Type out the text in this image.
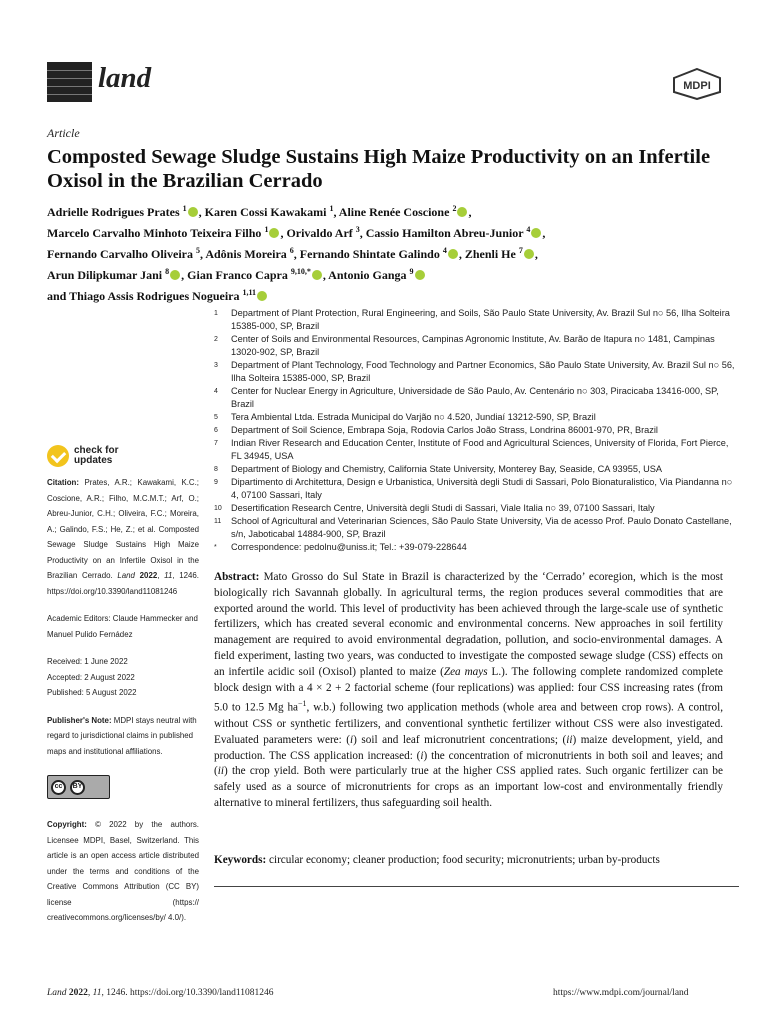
land	MDPI
Article
Composted Sewage Sludge Sustains High Maize Productivity on an Infertile Oxisol in the Brazilian Cerrado
Adrielle Rodrigues Prates $^1$ , Karen Cossi Kawakami $^1$, Aline Renée Coscione $^2$ ,
Marcelo Carvalho Minhoto Teixeira Filho $^1$ , Orivaldo Arf $^3$, Cassio Hamilton Abreu-Junior $^4$ ,
Fernando Carvalho Oliveira $^5$, Adônis Moreira $^6$, Fernando Shintate Galindo $^4$ , Zhenli He $^7$ ,
Arun Dilipkumar Jani $^8$ , Gian Franco Capra $^{9,10,*}$ , Antonio Ganga $^9$
and Thiago Assis Rodrigues Nogueira $^{1,11}$
1	Department of Plant Protection, Rural Engineering, and Soils, São Paulo State University, Av. Brazil Sul n○ 56, Ilha Solteira 15385-000, SP, Brazil
2	Center of Soils and Environmental Resources, Campinas Agronomic Institute, Av. Barão de Itapura n○ 1481, Campinas 13020-902, SP, Brazil
3	Department of Plant Technology, Food Technology and Partner Economics, São Paulo State University, Av. Brazil Sul n○ 56, Ilha Solteira 15385-000, SP, Brazil
4	Center for Nuclear Energy in Agriculture, Universidade de São Paulo, Av. Centenário n○ 303, Piracicaba 13416-000, SP, Brazil
5	Tera Ambiental Ltda. Estrada Municipal do Varjão n○ 4.520, Jundiaí 13212-590, SP, Brazil
6	Department of Soil Science, Embrapa Soja, Rodovia Carlos João Strass, Londrina 86001-970, PR, Brazil
7	Indian River Research and Education Center, Institute of Food and Agricultural Sciences, University of Florida, Fort Pierce, FL 34945, USA
8	Department of Biology and Chemistry, California State University, Monterey Bay, Seaside, CA 93955, USA
9	Dipartimento di Architettura, Design e Urbanistica, Università degli Studi di Sassari, Polo Bionaturalistico, Via Piandanna n○ 4, 07100 Sassari, Italy
10	Desertification Research Centre, Università degli Studi di Sassari, Viale Italia n○ 39, 07100 Sassari, Italy
11	School of Agricultural and Veterinarian Sciences, São Paulo State University, Via de acesso Prof. Paulo Donato Castellane, s/n, Jaboticabal 14884-900, SP, Brazil
*	Correspondence: pedolnu@uniss.it; Tel.: +39-079-228644
check for
updates
Citation: Prates, A.R.; Kawakami, K.C.; Coscione, A.R.; Filho, M.C.M.T.; Arf, O.; Abreu-Junior, C.H.; Oliveira, F.C.; Moreira, A.; Galindo, F.S.; He, Z.; et al. Composted Sewage Sludge Sustains High Maize Productivity on an Infertile Oxisol in the Brazilian Cerrado. Land 2022, 11, 1246. https://doi.org/10.3390/land11081246
Academic Editors: Claude Hammecker and Manuel Pulido Fernádez
Received: 1 June 2022
Accepted: 2 August 2022
Published: 5 August 2022
Publisher's Note: MDPI stays neutral with regard to jurisdictional claims in published maps and institutional affiliations.
cc	BY
Copyright: © 2022 by the authors. Licensee MDPI, Basel, Switzerland. This article is an open access article distributed under the terms and conditions of the Creative Commons Attribution (CC BY) license (https:// creativecommons.org/licenses/by/ 4.0/).
Abstract: Mato Grosso do Sul State in Brazil is characterized by the ‘Cerrado’ ecoregion, which is the most biologically rich Savannah globally. In agricultural terms, the region produces several commodities that are exported around the world. This level of productivity has been achieved through the large-scale use of synthetic fertilizers, which has created several economic and environmental concerns. New approaches in soil fertility management are required to avoid environmental degradation, pollution, and socio-environmental damages. A field experiment, lasting two years, was conducted to investigate the composted sewage sludge (CSS) effects on an infertile acidic soil (Oxisol) planted to maize (Zea mays L.). The following complete randomized complete block design with a 4 × 2 + 2 factorial scheme (four replications) was applied: four CSS increasing rates (from 5.0 to 12.5 Mg $ha^{-1}$, w.b.) following two application methods (whole area and between crop rows). A control, without CSS or synthetic fertilizers, and conventional synthetic fertilizer without CSS were also investigated. Evaluated parameters were: (i) soil and leaf micronutrient concentrations; (ii) maize development, yield, and production. The CSS application increased: (i) the concentration of micronutrients in both soil and leaves; and (ii) the crop yield. Both were particularly true at the higher CSS applied rates. Such organic fertilizer can be safely used as a source of micronutrients for crops as an important low-cost and environmentally friendly alternative to mineral fertilizers, thus safeguarding soil health.
Keywords: circular economy; cleaner production; food security; micronutrients; urban by-products
Land 2022, 11, 1246. https://doi.org/10.3390/land11081246	https://www.mdpi.com/journal/land
